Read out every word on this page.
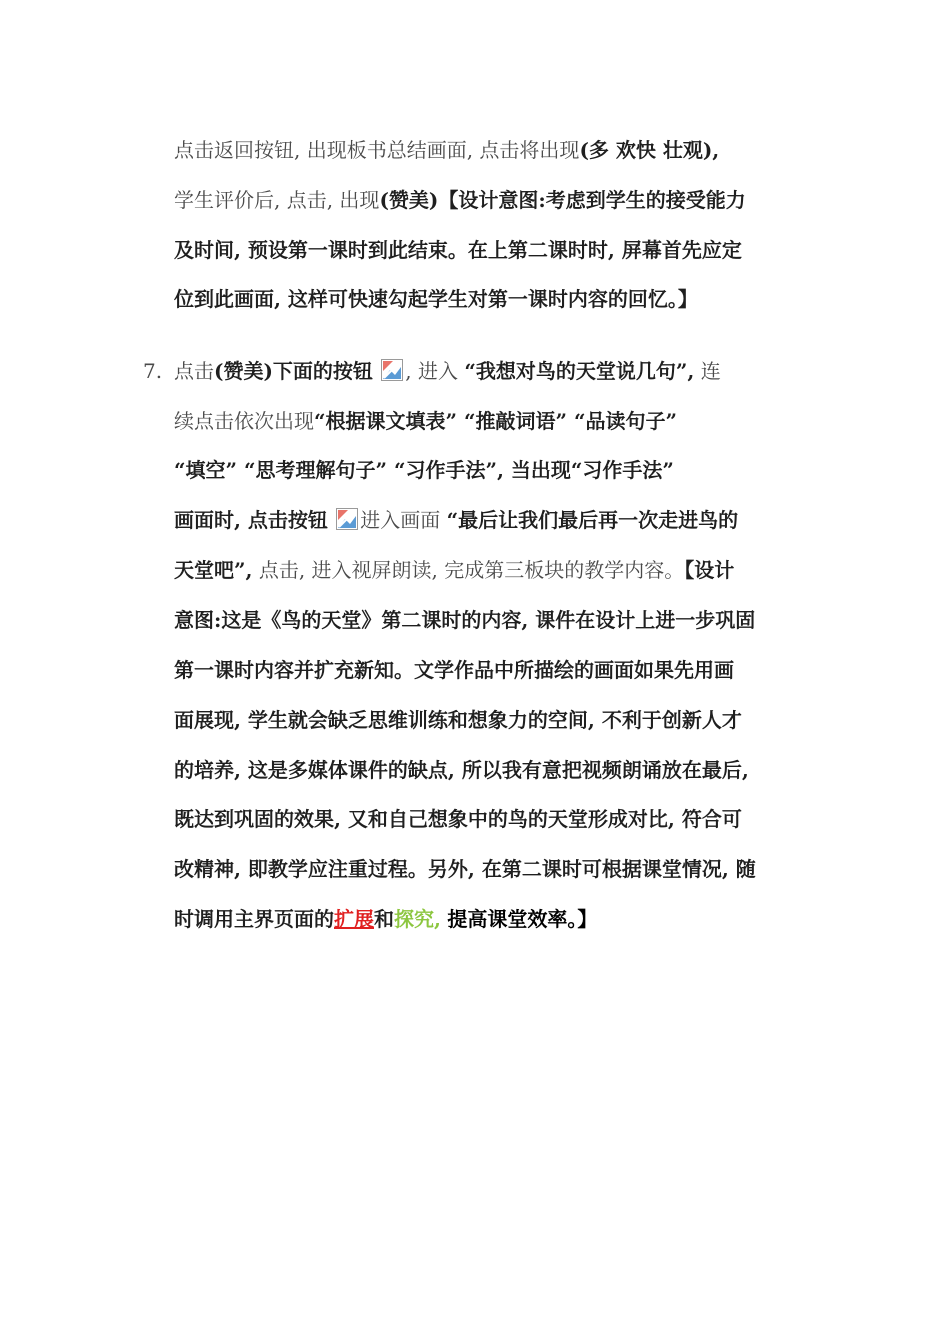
点击返回按钮, 出现板书总结画面, 点击将出现(多 欢快 壮观),
学生评价后, 点击, 出现(赞美)【设计意图:考虑到学生的接受能力
及时间, 预设第一课时到此结束。在上第二课时时, 屏幕首先应定
位到此画面, 这样可快速勾起学生对第一课时内容的回忆。】
7. 点击(赞美)下面的按钮 , 进入 “我想对鸟的天堂说几句”, 连
续点击依次出现“根据课文填表” “推敲词语” “品读句子”
“填空” “思考理解句子” “习作手法”, 当出现“习作手法”
画面时, 点击按钮 进入画面 “最后让我们最后再一次走进鸟的
天堂吧”, 点击, 进入视屏朗读, 完成第三板块的教学内容。【设计
意图:这是《鸟的天堂》第二课时的内容, 课件在设计上进一步巩固
第一课时内容并扩充新知。文学作品中所描绘的画面如果先用画
面展现, 学生就会缺乏思维训练和想象力的空间, 不利于创新人才
的培养, 这是多媒体课件的缺点, 所以我有意把视频朗诵放在最后,
既达到巩固的效果, 又和自己想象中的鸟的天堂形成对比, 符合可
改精神, 即教学应注重过程。另外, 在第二课时可根据课堂情况, 随
时调用主界页面的扩展和探究, 提高课堂效率。】
